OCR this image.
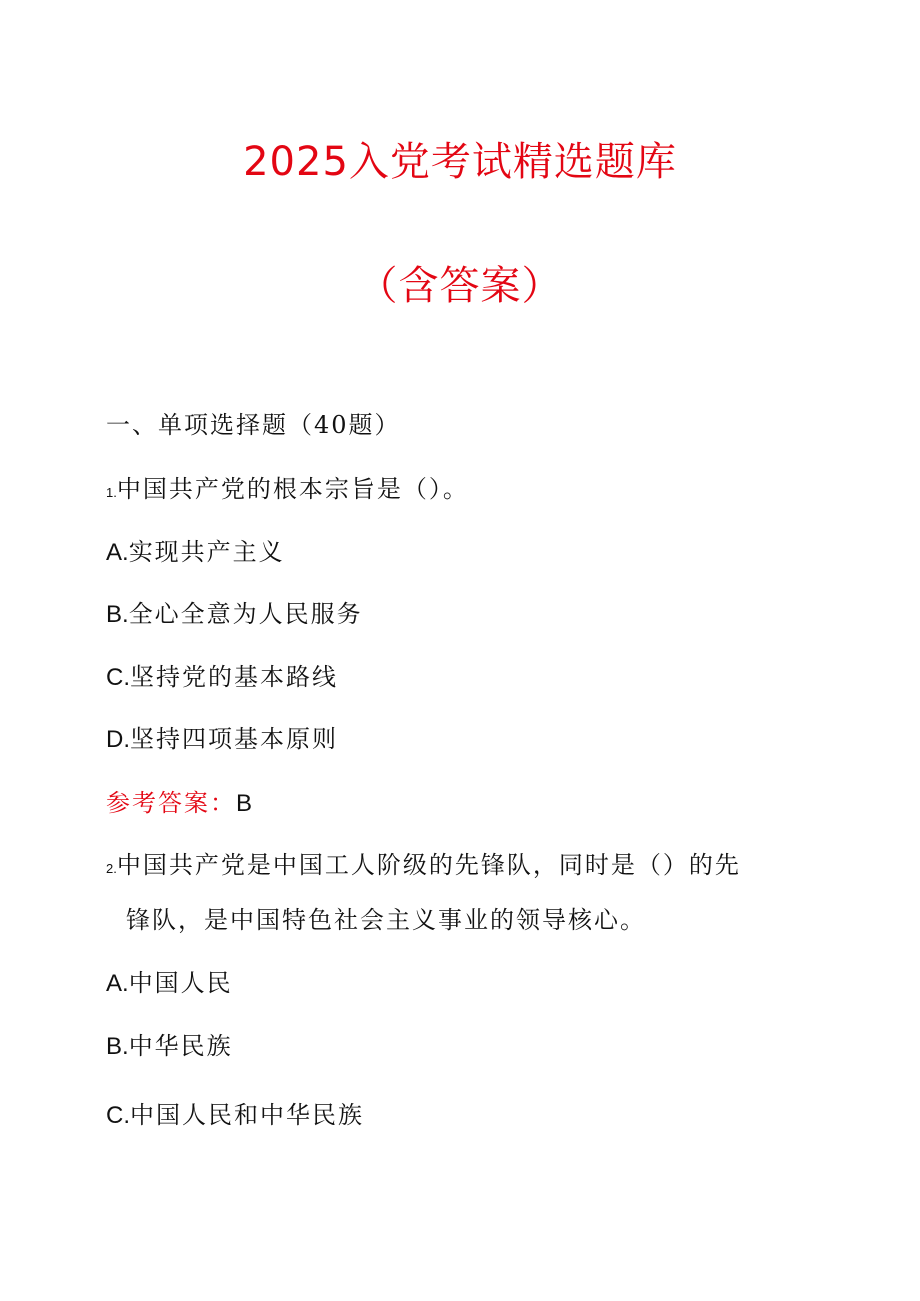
2025入党考试精选题库
（含答案）
一、单项选择题（40题）
1.中国共产党的根本宗旨是（）。
A.实现共产主义
B.全心全意为人民服务
C.坚持党的基本路线
D.坚持四项基本原则
参考答案：B
2.中国共产党是中国工人阶级的先锋队，同时是（）的先
锋队，是中国特色社会主义事业的领导核心。
A.中国人民
B.中华民族
C.中国人民和中华民族
